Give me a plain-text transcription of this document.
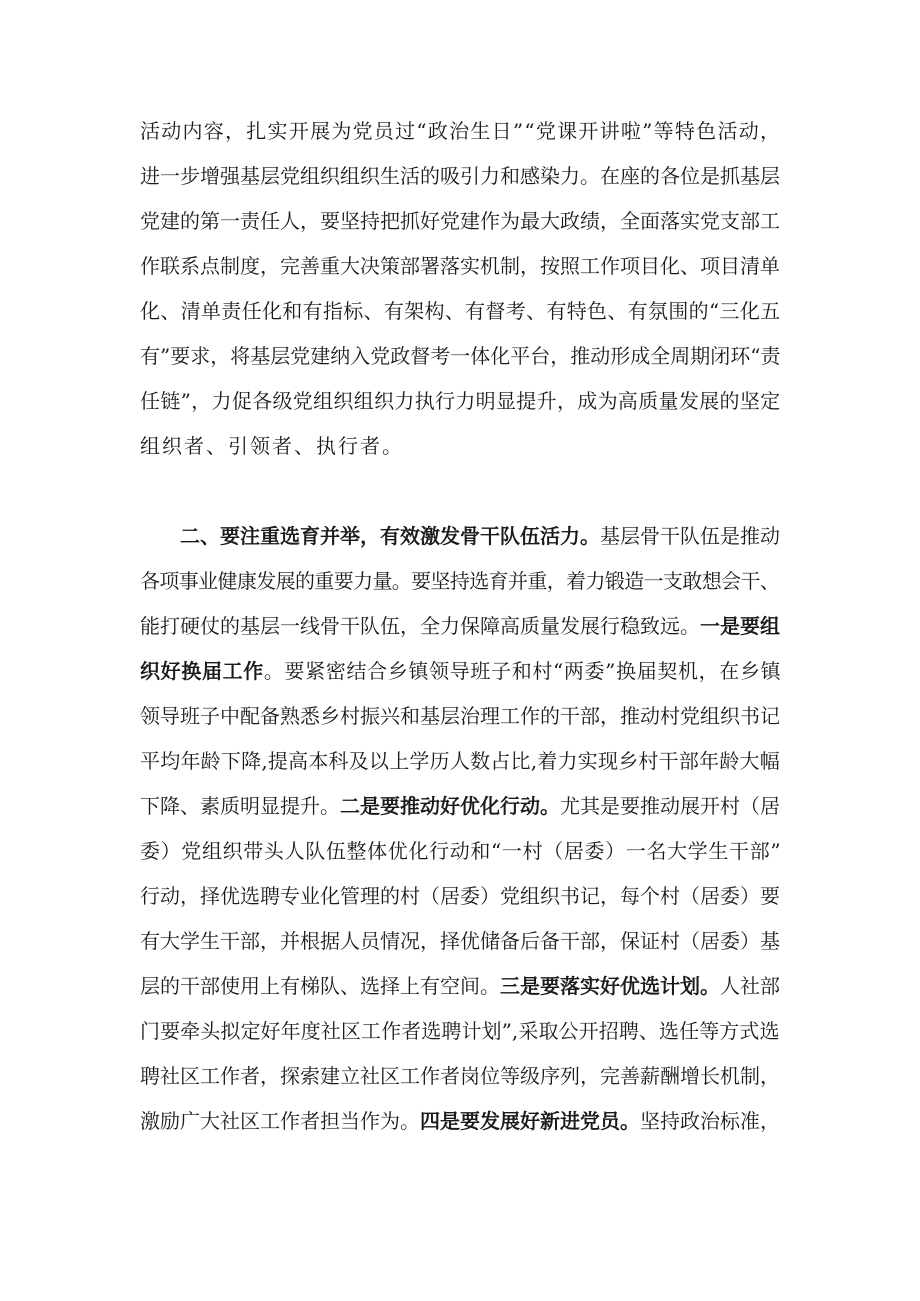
活动内容，扎实开展为党员过“政治生日”“党课开讲啦”等特色活动，
进一步增强基层党组织组织生活的吸引力和感染力。在座的各位是抓基层
党建的第一责任人，要坚持把抓好党建作为最大政绩，全面落实党支部工
作联系点制度，完善重大决策部署落实机制，按照工作项目化、项目清单
化、清单责任化和有指标、有架构、有督考、有特色、有氛围的“三化五
有”要求，将基层党建纳入党政督考一体化平台，推动形成全周期闭环“责
任链”，力促各级党组织组织力执行力明显提升，成为高质量发展的坚定
组织者、引领者、执行者。
二、要注重选育并举，有效激发骨干队伍活力。基层骨干队伍是推动
各项事业健康发展的重要力量。要坚持选育并重，着力锻造一支敢想会干、
能打硬仗的基层一线骨干队伍，全力保障高质量发展行稳致远。一是要组
织好换届工作。要紧密结合乡镇领导班子和村“两委”换届契机，在乡镇
领导班子中配备熟悉乡村振兴和基层治理工作的干部，推动村党组织书记
平均年龄下降,提高本科及以上学历人数占比,着力实现乡村干部年龄大幅
下降、素质明显提升。二是要推动好优化行动。尤其是要推动展开村（居
委）党组织带头人队伍整体优化行动和“一村（居委）一名大学生干部”
行动，择优选聘专业化管理的村（居委）党组织书记，每个村（居委）要
有大学生干部，并根据人员情况，择优储备后备干部，保证村（居委）基
层的干部使用上有梯队、选择上有空间。三是要落实好优选计划。人社部
门要牵头拟定好年度社区工作者选聘计划”,采取公开招聘、选任等方式选
聘社区工作者，探索建立社区工作者岗位等级序列，完善薪酬增长机制，
激励广大社区工作者担当作为。四是要发展好新进党员。坚持政治标准，
